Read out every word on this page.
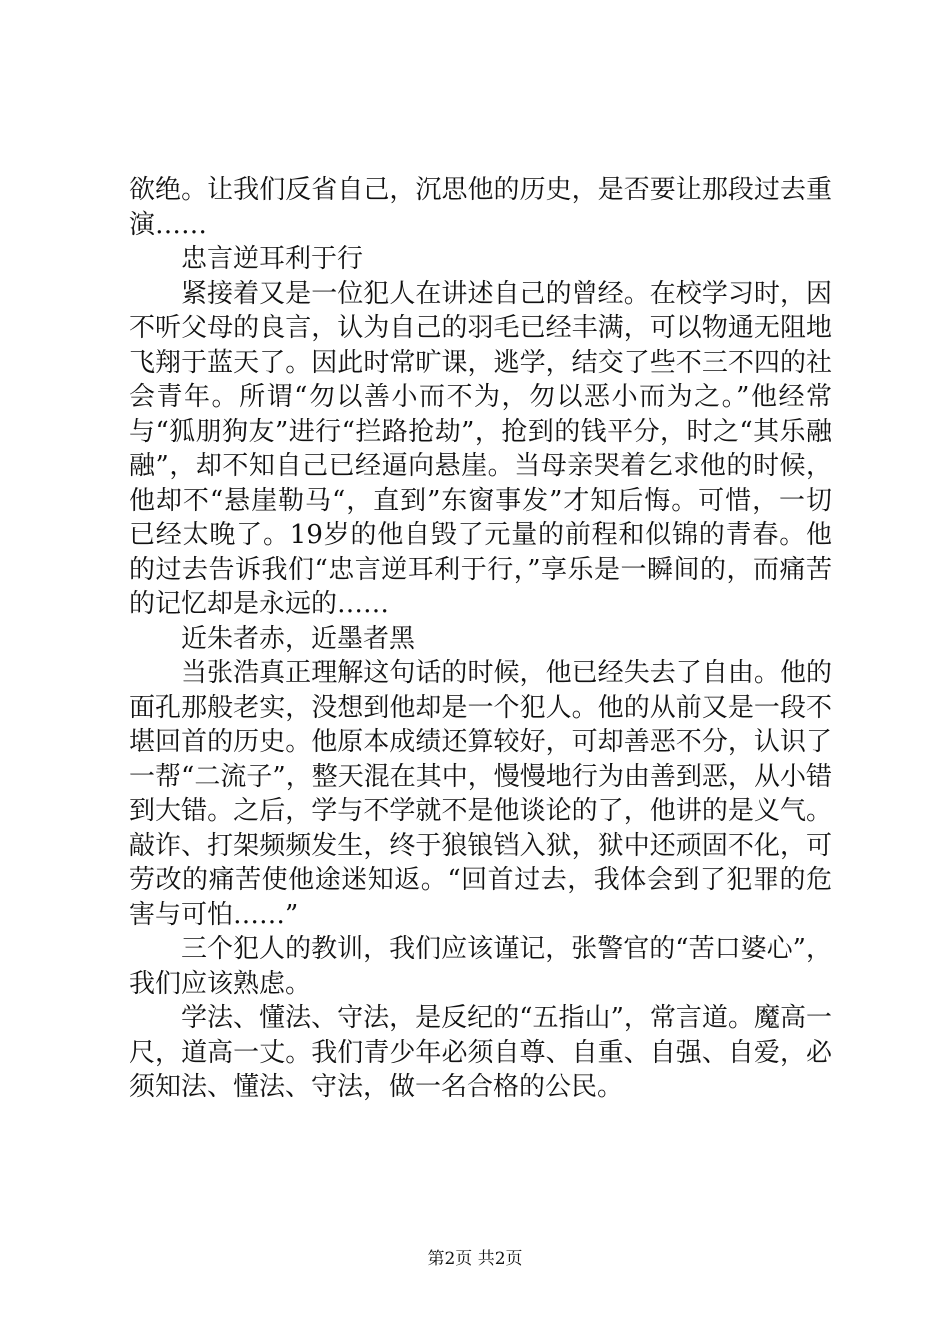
欲绝。让我们反省自己，沉思他的历史，是否要让那段过去重演……

忠言逆耳利于行

紧接着又是一位犯人在讲述自己的曾经。在校学习时，因不听父母的良言，认为自己的羽毛已经丰满，可以物通无阻地飞翔于蓝天了。因此时常旷课，逃学，结交了些不三不四的社会青年。所谓“勿以善小而不为，勿以恶小而为之。”他经常与“狐朋狗友”进行“拦路抢劫”，抢到的钱平分，时之“其乐融融”，却不知自己已经逼向悬崖。当母亲哭着乞求他的时候，他却不“悬崖勒马“，直到”东窗事发”才知后悔。可惜，一切已经太晚了。19岁的他自毁了元量的前程和似锦的青春。他的过去告诉我们“忠言逆耳利于行，”享乐是一瞬间的，而痛苦的记忆却是永远的……

近朱者赤，近墨者黑

当张浩真正理解这句话的时候，他已经失去了自由。他的面孔那般老实，没想到他却是一个犯人。他的从前又是一段不堪回首的历史。他原本成绩还算较好，可却善恶不分，认识了一帮“二流子”，整天混在其中，慢慢地行为由善到恶，从小错到大错。之后，学与不学就不是他谈论的了，他讲的是义气。敲诈、打架频频发生，终于狼锒铛入狱，狱中还顽固不化，可劳改的痛苦使他途迷知返。“回首过去，我体会到了犯罪的危害与可怕……”

三个犯人的教训，我们应该谨记，张警官的“苦口婆心”，我们应该熟虑。

学法、懂法、守法，是反纪的“五指山”，常言道。魔高一尺，道高一丈。我们青少年必须自尊、自重、自强、自爱，必须知法、懂法、守法，做一名合格的公民。

第2页 共2页
